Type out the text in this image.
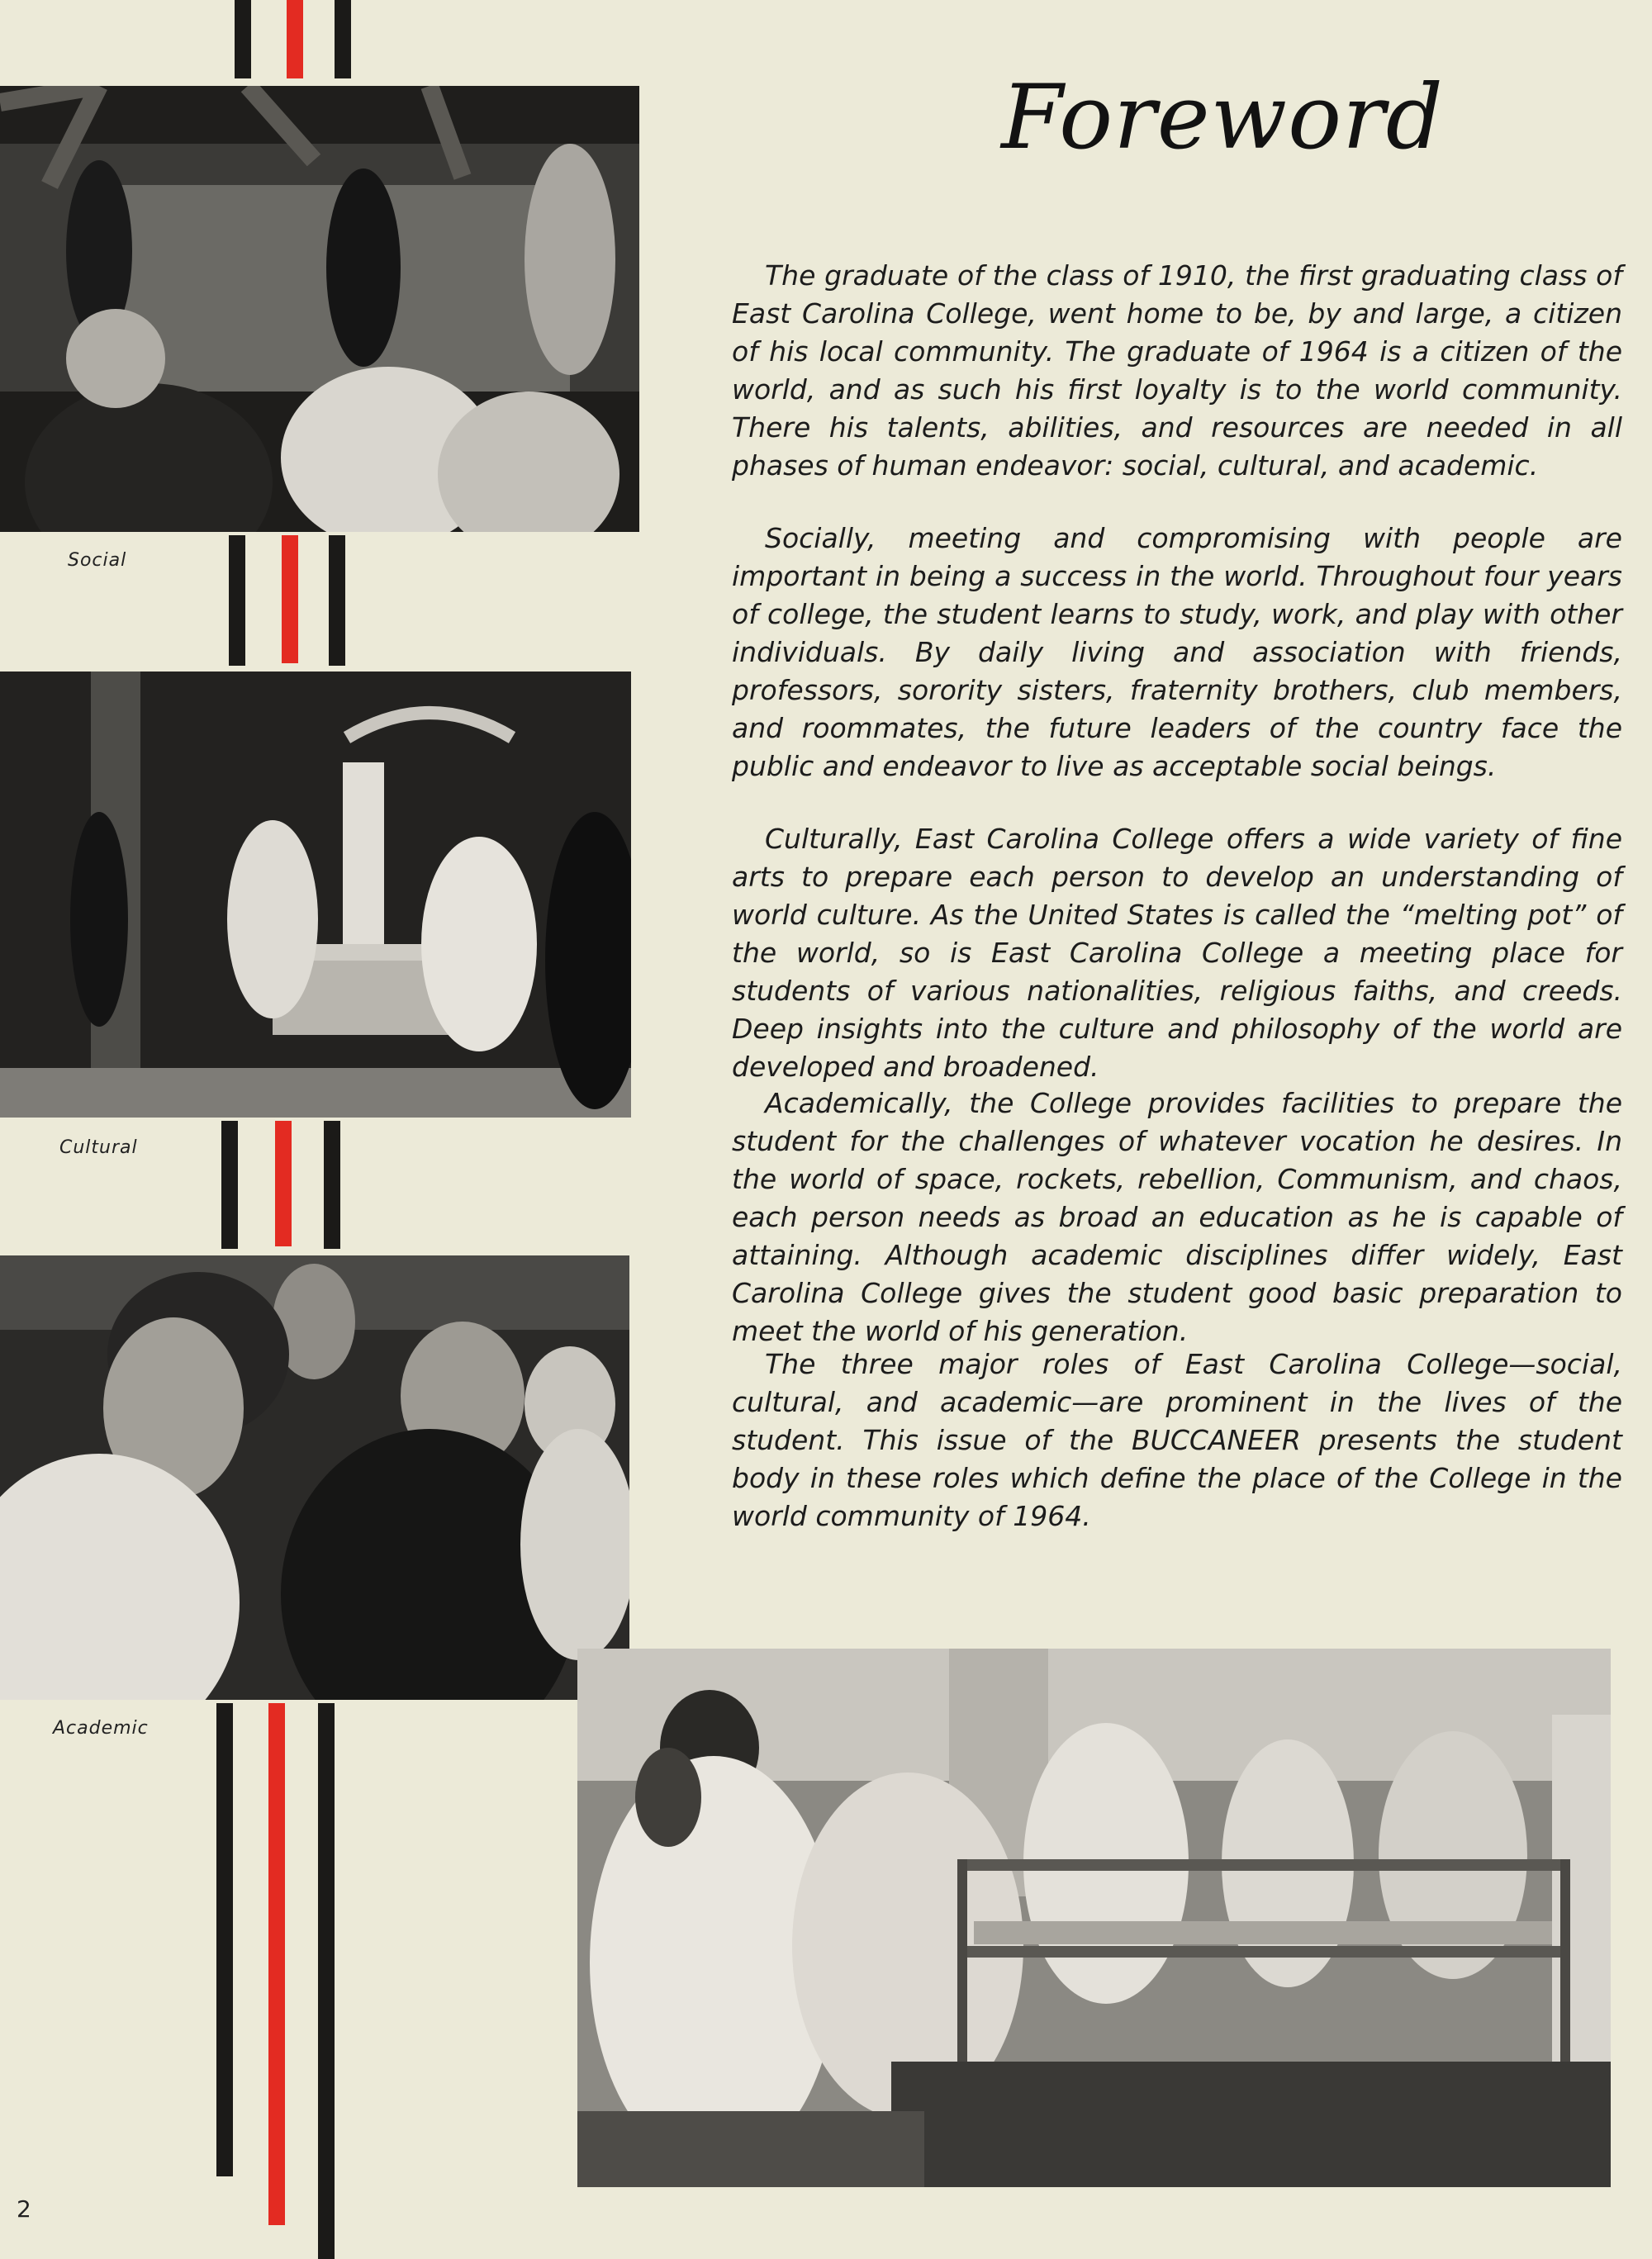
Social
Cultural
Academic
Foreword

The graduate of the class of 1910, the first graduating class of East Carolina College, went home to be, by and large, a citizen of his local community. The graduate of 1964 is a citizen of the world, and as such his first loyalty is to the world community. There his talents, abilities, and resources are needed in all phases of human endeavor: social, cultural, and academic.

Socially, meeting and compromising with people are important in being a success in the world. Throughout four years of college, the student learns to study, work, and play with other individuals. By daily living and association with friends, professors, sorority sisters, fraternity brothers, club members, and roommates, the future leaders of the country face the public and endeavor to live as acceptable social beings.

Culturally, East Carolina College offers a wide variety of fine arts to prepare each person to develop an understanding of world culture. As the United States is called the “melting pot” of the world, so is East Carolina College a meeting place for students of various nationalities, religious faiths, and creeds. Deep insights into the culture and philosophy of the world are developed and broadened.

Academically, the College provides facilities to prepare the student for the challenges of whatever vocation he desires. In the world of space, rockets, rebellion, Communism, and chaos, each person needs as broad an education as he is capable of attaining. Although academic disciplines differ widely, East Carolina College gives the student good basic preparation to meet the world of his generation.

The three major roles of East Carolina College—social, cultural, and academic—are prominent in the lives of the student. This issue of the BUCCANEER presents the student body in these roles which define the place of the College in the world community of 1964.

2
